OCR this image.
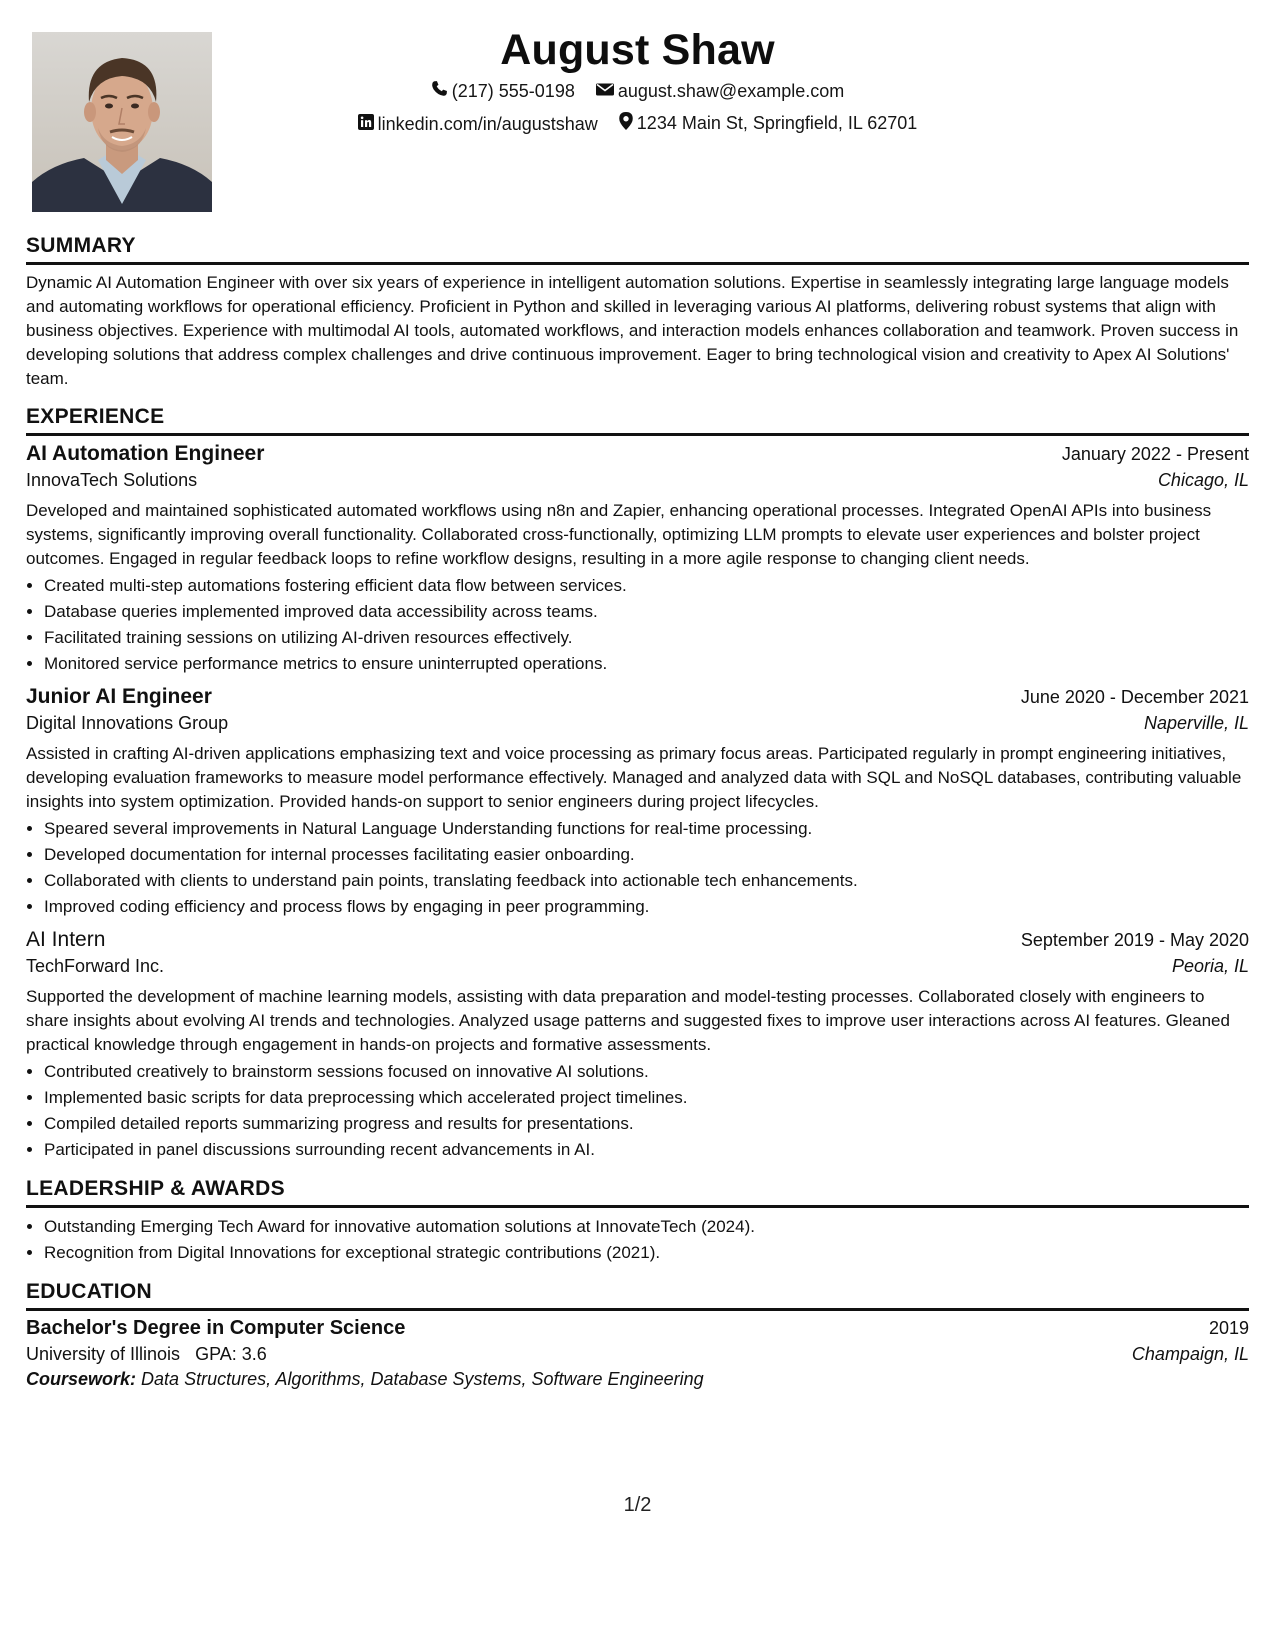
August Shaw
(217) 555-0198
august.shaw@example.com
linkedin.com/in/augustshaw
1234 Main St, Springfield, IL 62701
SUMMARY

Dynamic AI Automation Engineer with over six years of experience in intelligent automation solutions. Expertise in seamlessly integrating large language models and automating workflows for operational efficiency. Proficient in Python and skilled in leveraging various AI platforms, delivering robust systems that align with business objectives. Experience with multimodal AI tools, automated workflows, and interaction models enhances collaboration and teamwork. Proven success in developing solutions that address complex challenges and drive continuous improvement. Eager to bring technological vision and creativity to Apex AI Solutions' team.

EXPERIENCE
AI Automation Engineer	January 2022 - Present
InnovaTech Solutions	Chicago, IL

Developed and maintained sophisticated automated workflows using n8n and Zapier, enhancing operational processes. Integrated OpenAI APIs into business systems, significantly improving overall functionality. Collaborated cross-functionally, optimizing LLM prompts to elevate user experiences and bolster project outcomes. Engaged in regular feedback loops to refine workflow designs, resulting in a more agile response to changing client needs.

• Created multi-step automations fostering efficient data flow between services.
• Database queries implemented improved data accessibility across teams.
• Facilitated training sessions on utilizing AI-driven resources effectively.
• Monitored service performance metrics to ensure uninterrupted operations.
Junior AI Engineer	June 2020 - December 2021
Digital Innovations Group	Naperville, IL

Assisted in crafting AI-driven applications emphasizing text and voice processing as primary focus areas. Participated regularly in prompt engineering initiatives, developing evaluation frameworks to measure model performance effectively. Managed and analyzed data with SQL and NoSQL databases, contributing valuable insights into system optimization. Provided hands-on support to senior engineers during project lifecycles.

• Speared several improvements in Natural Language Understanding functions for real-time processing.
• Developed documentation for internal processes facilitating easier onboarding.
• Collaborated with clients to understand pain points, translating feedback into actionable tech enhancements.
• Improved coding efficiency and process flows by engaging in peer programming.
AI Intern	September 2019 - May 2020
TechForward Inc.	Peoria, IL

Supported the development of machine learning models, assisting with data preparation and model-testing processes. Collaborated closely with engineers to share insights about evolving AI trends and technologies. Analyzed usage patterns and suggested fixes to improve user interactions across AI features. Gleaned practical knowledge through engagement in hands-on projects and formative assessments.

• Contributed creatively to brainstorm sessions focused on innovative AI solutions.
• Implemented basic scripts for data preprocessing which accelerated project timelines.
• Compiled detailed reports summarizing progress and results for presentations.
• Participated in panel discussions surrounding recent advancements in AI.
LEADERSHIP & AWARDS
• Outstanding Emerging Tech Award for innovative automation solutions at InnovateTech (2024).
• Recognition from Digital Innovations for exceptional strategic contributions (2021).
EDUCATION
Bachelor's Degree in Computer Science	2019
University of Illinois GPA: 3.6	Champaign, IL
Coursework: Data Structures, Algorithms, Database Systems, Software Engineering
1/2
